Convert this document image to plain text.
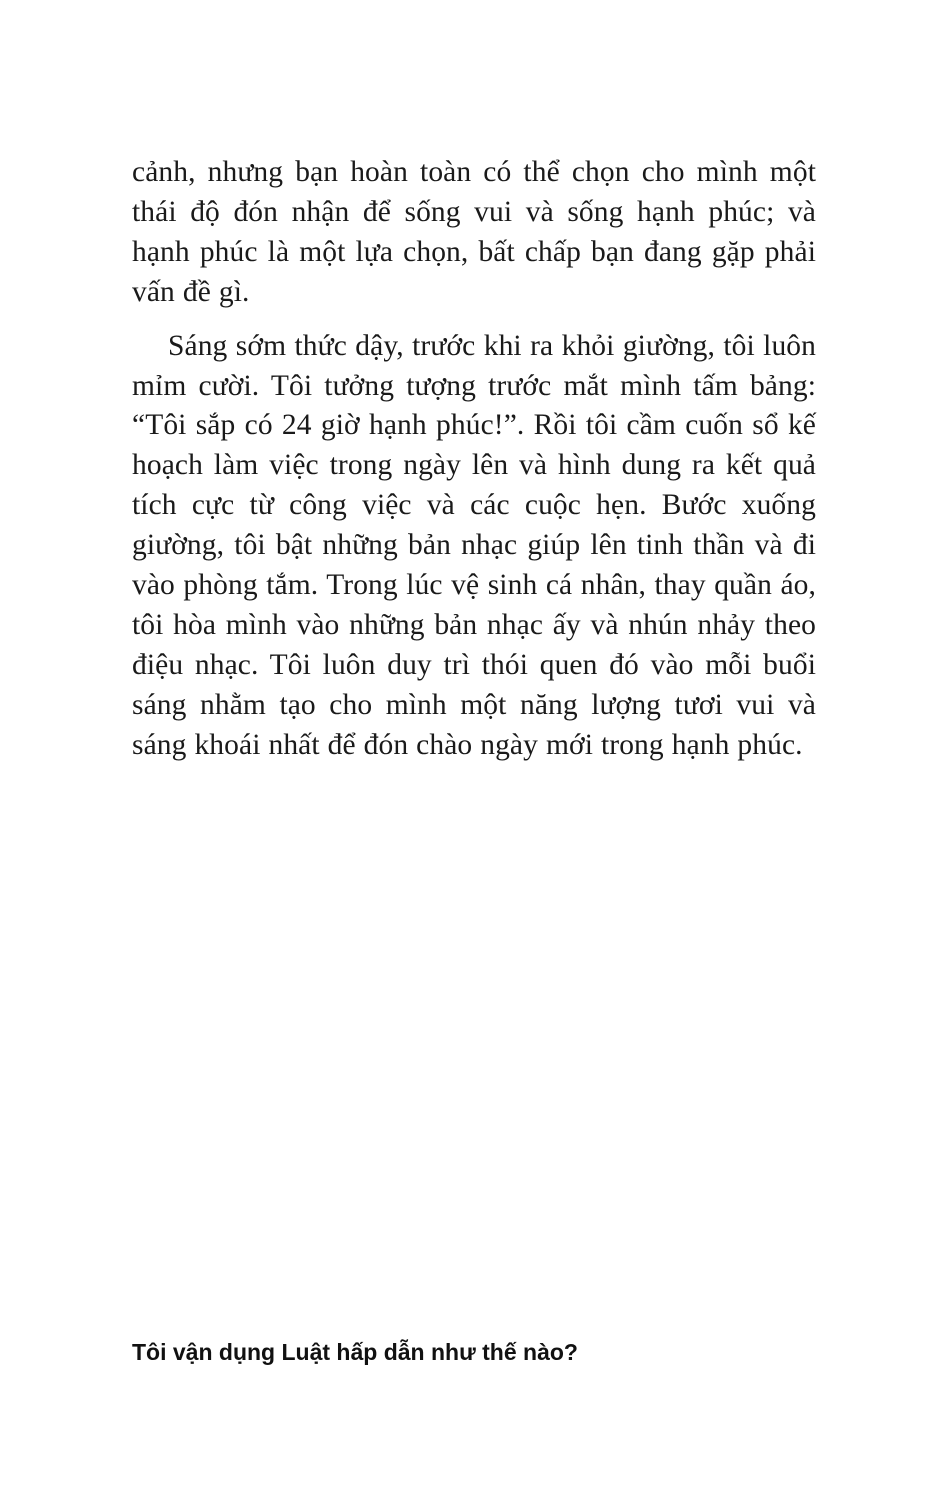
cảnh, nhưng bạn hoàn toàn có thể chọn cho mình một thái độ đón nhận để sống vui và sống hạnh phúc; và hạnh phúc là một lựa chọn, bất chấp bạn đang gặp phải vấn đề gì.

Sáng sớm thức dậy, trước khi ra khỏi giường, tôi luôn mỉm cười. Tôi tưởng tượng trước mắt mình tấm bảng: “Tôi sắp có 24 giờ hạnh phúc!”. Rồi tôi cầm cuốn sổ kế hoạch làm việc trong ngày lên và hình dung ra kết quả tích cực từ công việc và các cuộc hẹn. Bước xuống giường, tôi bật những bản nhạc giúp lên tinh thần và đi vào phòng tắm. Trong lúc vệ sinh cá nhân, thay quần áo, tôi hòa mình vào những bản nhạc ấy và nhún nhảy theo điệu nhạc. Tôi luôn duy trì thói quen đó vào mỗi buổi sáng nhằm tạo cho mình một năng lượng tươi vui và sáng khoái nhất để đón chào ngày mới trong hạnh phúc.

Tôi vận dụng Luật hấp dẫn như thế nào?
